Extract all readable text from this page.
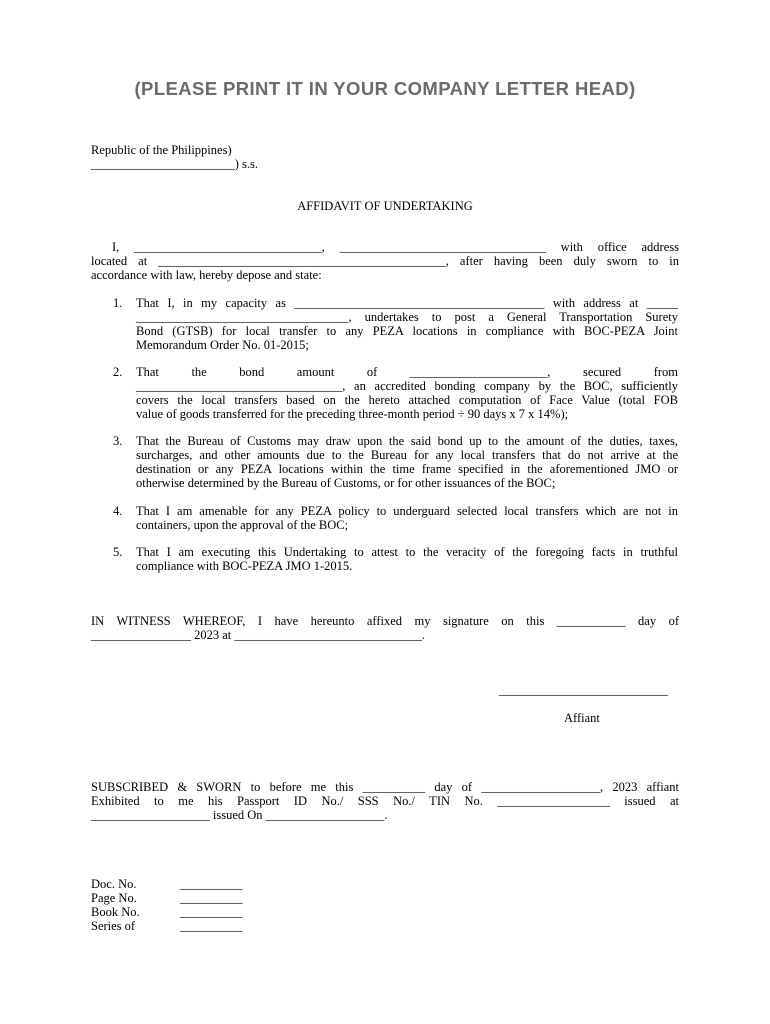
(PLEASE PRINT IT IN YOUR COMPANY LETTER HEAD)
Republic of the Philippines)
_______________________) s.s.
AFFIDAVIT OF UNDERTAKING
I, ______________________________, _________________________________ with office address
located at ______________________________________________, after having been duly sworn to in
accordance with law, hereby depose and state:
1. That I, in my capacity as ________________________________________ with address at _____
__________________________________, undertakes to post a General Transportation Surety
Bond (GTSB) for local transfer to any PEZA locations in compliance with BOC-PEZA Joint
Memorandum Order No. 01-2015;
2. That the bond amount of ______________________, secured from
_________________________________, an accredited bonding company by the BOC, sufficiently
covers the local transfers based on the hereto attached computation of Face Value (total FOB
value of goods transferred for the preceding three-month period ÷ 90 days x 7 x 14%);
3. That the Bureau of Customs may draw upon the said bond up to the amount of the duties, taxes,
surcharges, and other amounts due to the Bureau for any local transfers that do not arrive at the
destination or any PEZA locations within the time frame specified in the aforementioned JMO or
otherwise determined by the Bureau of Customs, or for other issuances of the BOC;
4. That I am amenable for any PEZA policy to underguard selected local transfers which are not in
containers, upon the approval of the BOC;
5. That I am executing this Undertaking to attest to the veracity of the foregoing facts in truthful
compliance with BOC-PEZA JMO 1-2015.
IN WITNESS WHEREOF, I have hereunto affixed my signature on this ___________ day of
________________ 2023 at ______________________________.
___________________________
Affiant
SUBSCRIBED & SWORN to before me this __________ day of ___________________, 2023 affiant
Exhibited to me his Passport ID No./ SSS No./ TIN No. __________________ issued at
___________________ issued On ___________________.
Doc. No.	__________
Page No.	__________
Book No.	__________
Series of	__________
